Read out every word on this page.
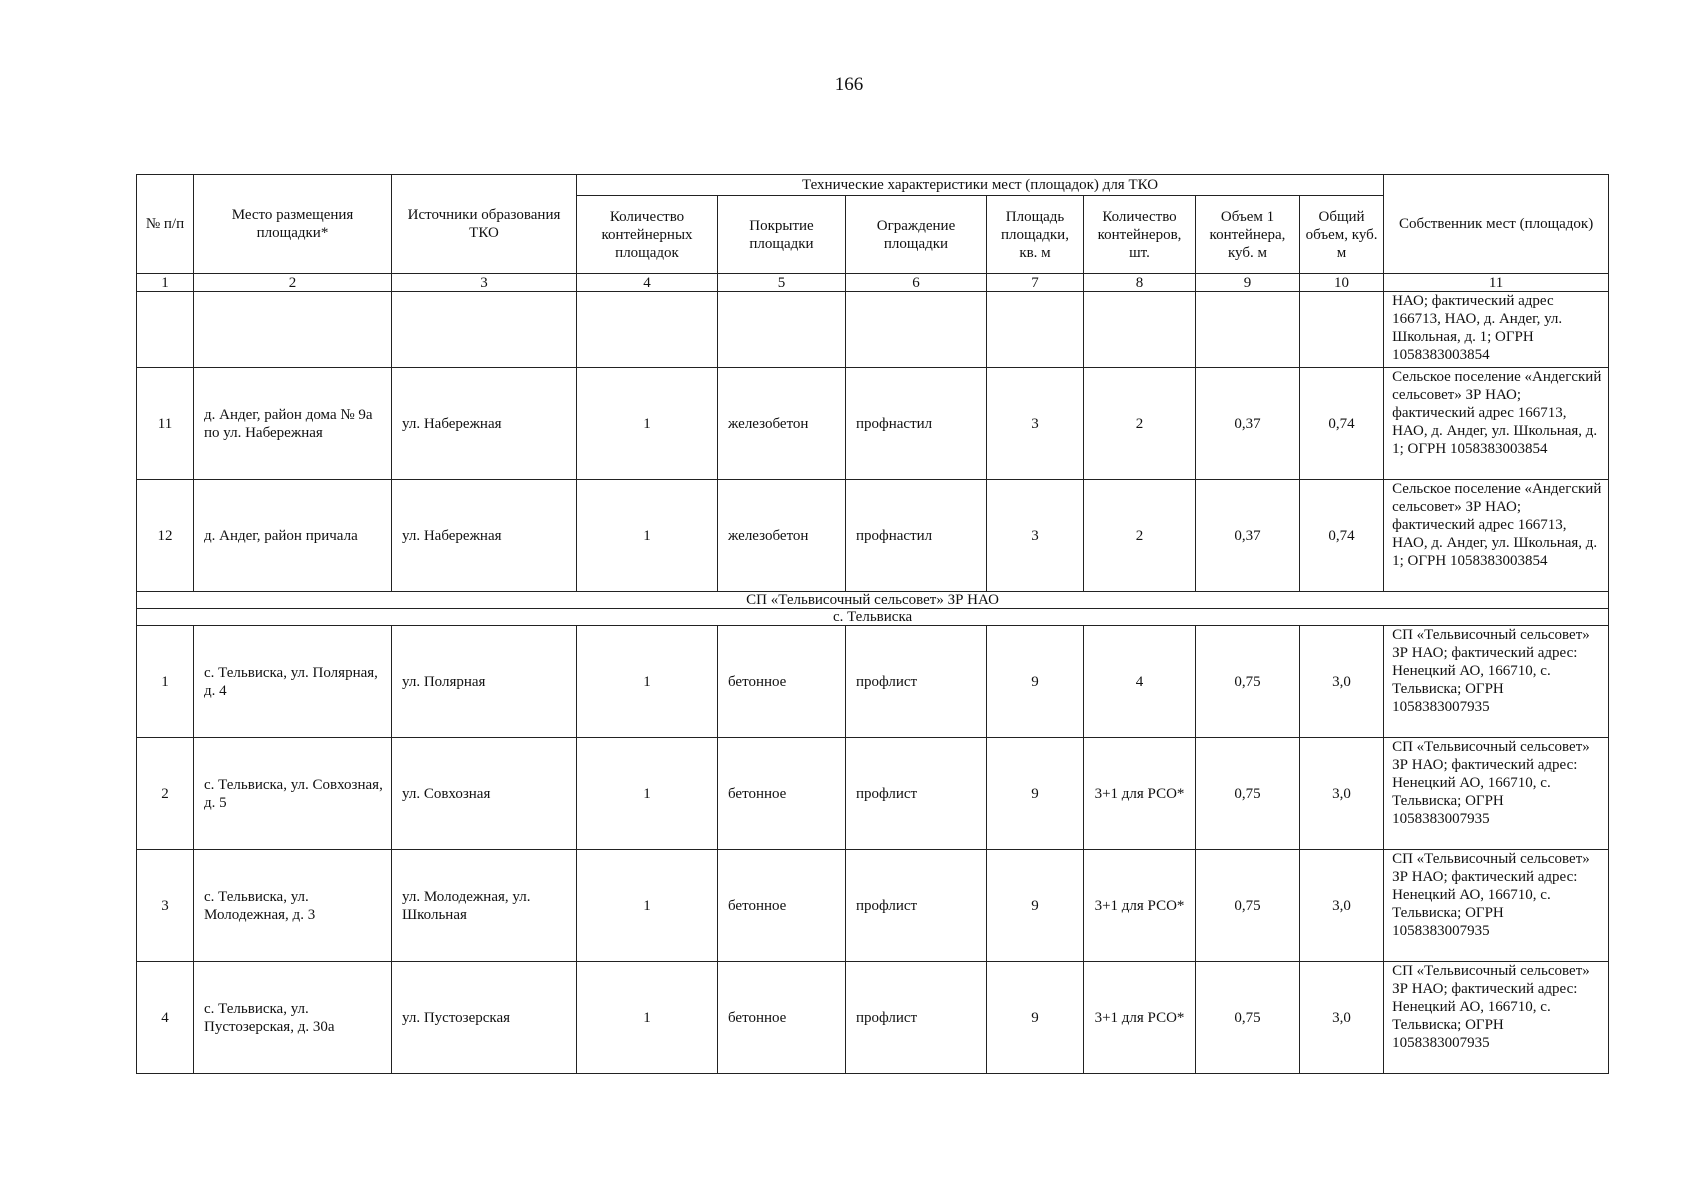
166
№ п/п	Место размещения площадки*	Источники образования ТКО	Технические характеристики мест (площадок) для ТКО							Собственник мест (площадок)
			Количество контейнерных площадок	Покрытие площадки	Ограждение площадки	Площадь площадки, кв. м	Количество контейнеров, шт.	Объем 1 контейнера, куб. м	Общий объем, куб. м	
1	2	3	4	5	6	7	8	9	10	11
										НАО; фактический адрес 166713, НАО, д. Андег, ул. Школьная, д. 1; ОГРН 1058383003854
11	д. Андег, район дома № 9а по ул. Набережная	ул. Набережная	1	железобетон	профнастил	3	2	0,37	0,74	Сельское поселение «Андегский сельсовет» ЗР НАО; фактический адрес 166713, НАО, д. Андег, ул. Школьная, д. 1; ОГРН 1058383003854
12	д. Андег, район причала	ул. Набережная	1	железобетон	профнастил	3	2	0,37	0,74	Сельское поселение «Андегский сельсовет» ЗР НАО; фактический адрес 166713, НАО, д. Андег, ул. Школьная, д. 1; ОГРН 1058383003854
СП «Тельвисочный сельсовет» ЗР НАО										
с. Тельвиска										
1	с. Тельвиска, ул. Полярная, д. 4	ул. Полярная	1	бетонное	профлист	9	4	0,75	3,0	СП «Тельвисочный сельсовет» ЗР НАО; фактический адрес: Ненецкий АО, 166710, с. Тельвиска; ОГРН 1058383007935
2	с. Тельвиска, ул. Совхозная, д. 5	ул. Совхозная	1	бетонное	профлист	9	3+1 для РСО*	0,75	3,0	СП «Тельвисочный сельсовет» ЗР НАО; фактический адрес: Ненецкий АО, 166710, с. Тельвиска; ОГРН 1058383007935
3	с. Тельвиска, ул. Молодежная, д. 3	ул. Молодежная, ул. Школьная	1	бетонное	профлист	9	3+1 для РСО*	0,75	3,0	СП «Тельвисочный сельсовет» ЗР НАО; фактический адрес: Ненецкий АО, 166710, с. Тельвиска; ОГРН 1058383007935
4	с. Тельвиска, ул. Пустозерская, д. 30а	ул. Пустозерская	1	бетонное	профлист	9	3+1 для РСО*	0,75	3,0	СП «Тельвисочный сельсовет» ЗР НАО; фактический адрес: Ненецкий АО, 166710, с. Тельвиска; ОГРН 1058383007935
